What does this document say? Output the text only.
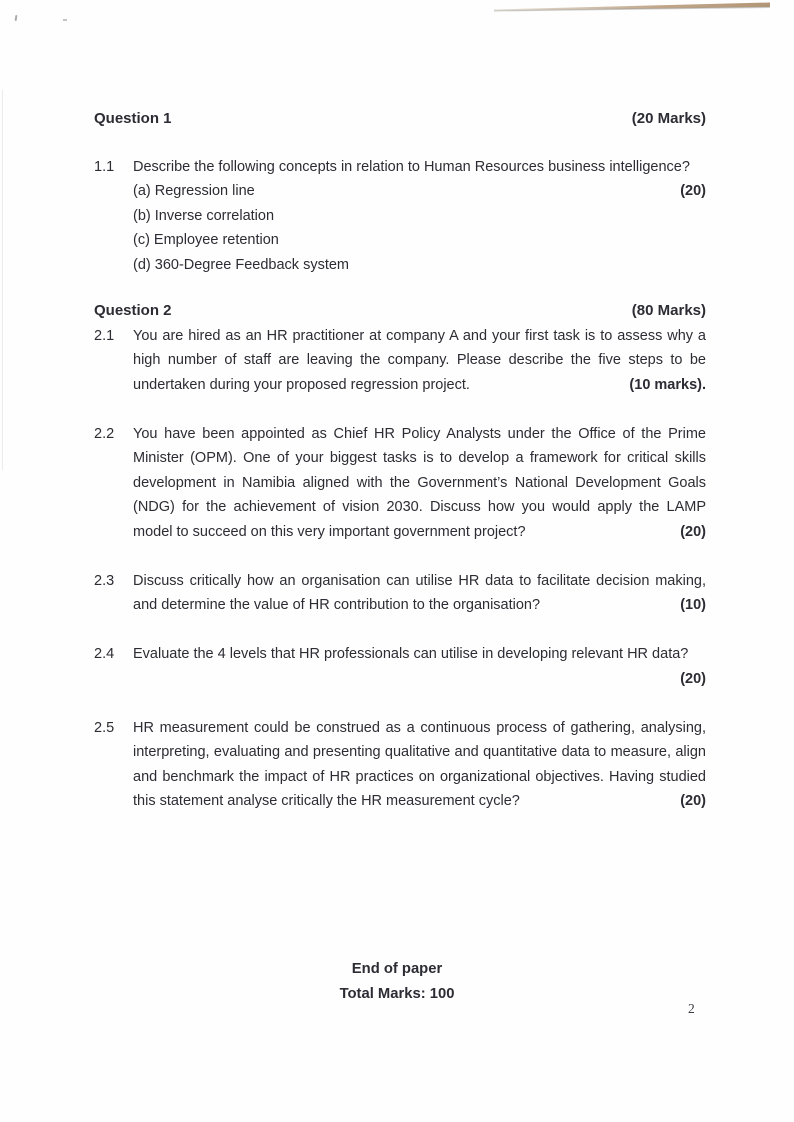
Question 1	(20 Marks)
1.1	Describe the following concepts in relation to Human Resources business intelligence?
(20)

(a) Regression line
(b) Inverse correlation
(c) Employee retention
(d) 360-Degree Feedback system
Question 2	(80 Marks)
2.1	You are hired as an HR practitioner at company A and your first task is to assess why a high number of staff are leaving the company. Please describe the five steps to be undertaken during your proposed regression project.	(10 marks).

2.2	You have been appointed as Chief HR Policy Analysts under the Office of the Prime Minister (OPM). One of your biggest tasks is to develop a framework for critical skills development in Namibia aligned with the Government’s National Development Goals (NDG) for the achievement of vision 2030. Discuss how you would apply the LAMP model to succeed on this very important government project?	(20)

2.3	Discuss critically how an organisation can utilise HR data to facilitate decision making, and determine the value of HR contribution to the organisation?	(10)

2.4	Evaluate the 4 levels that HR professionals can utilise in developing relevant HR data?
(20)

2.5	HR measurement could be construed as a continuous process of gathering, analysing, interpreting, evaluating and presenting qualitative and quantitative data to measure, align and benchmark the impact of HR practices on organizational objectives. Having studied this statement analyse critically the HR measurement cycle?	(20)

End of paper
Total Marks: 100
2
